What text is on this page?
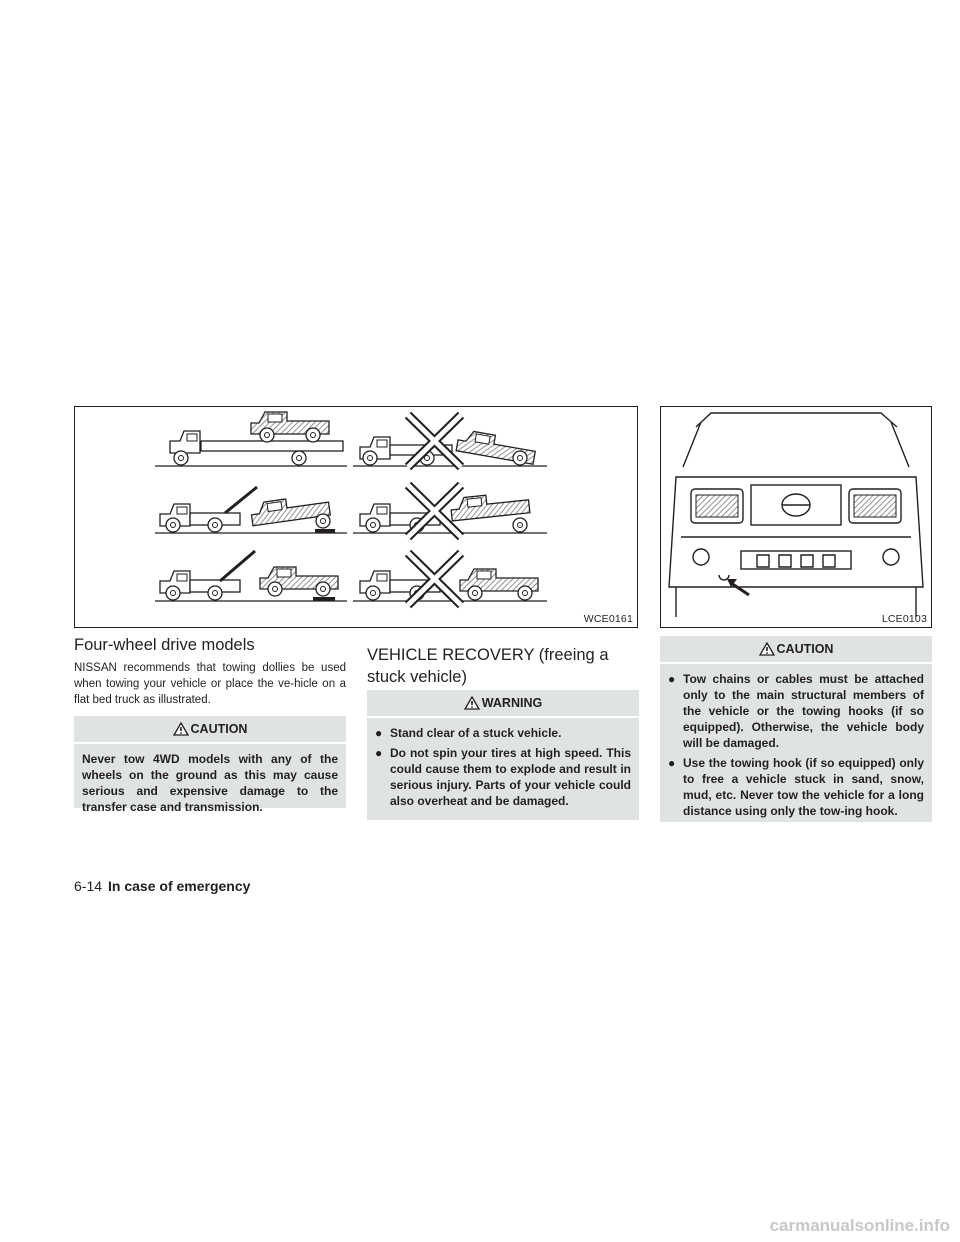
WCE0161	LCE0103
Four-wheel drive models

NISSAN recommends that towing dollies be used when towing your vehicle or place the ve-hicle on a flat bed truck as illustrated.

CAUTION
Never tow 4WD models with any of the wheels on the ground as this may cause serious and expensive damage to the transfer case and transmission.
VEHICLE RECOVERY (freeing a stuck vehicle)
WARNING
● Stand clear of a stuck vehicle.
● Do not spin your tires at high speed. This could cause them to explode and result in serious injury. Parts of your vehicle could also overheat and be damaged.
CAUTION
● Tow chains or cables must be attached only to the main structural members of the vehicle or the towing hooks (if so equipped). Otherwise, the vehicle body will be damaged.
● Use the towing hook (if so equipped) only to free a vehicle stuck in sand, snow, mud, etc. Never tow the vehicle for a long distance using only the tow-ing hook.
6-14 In case of emergency
carmanualsonline.info
